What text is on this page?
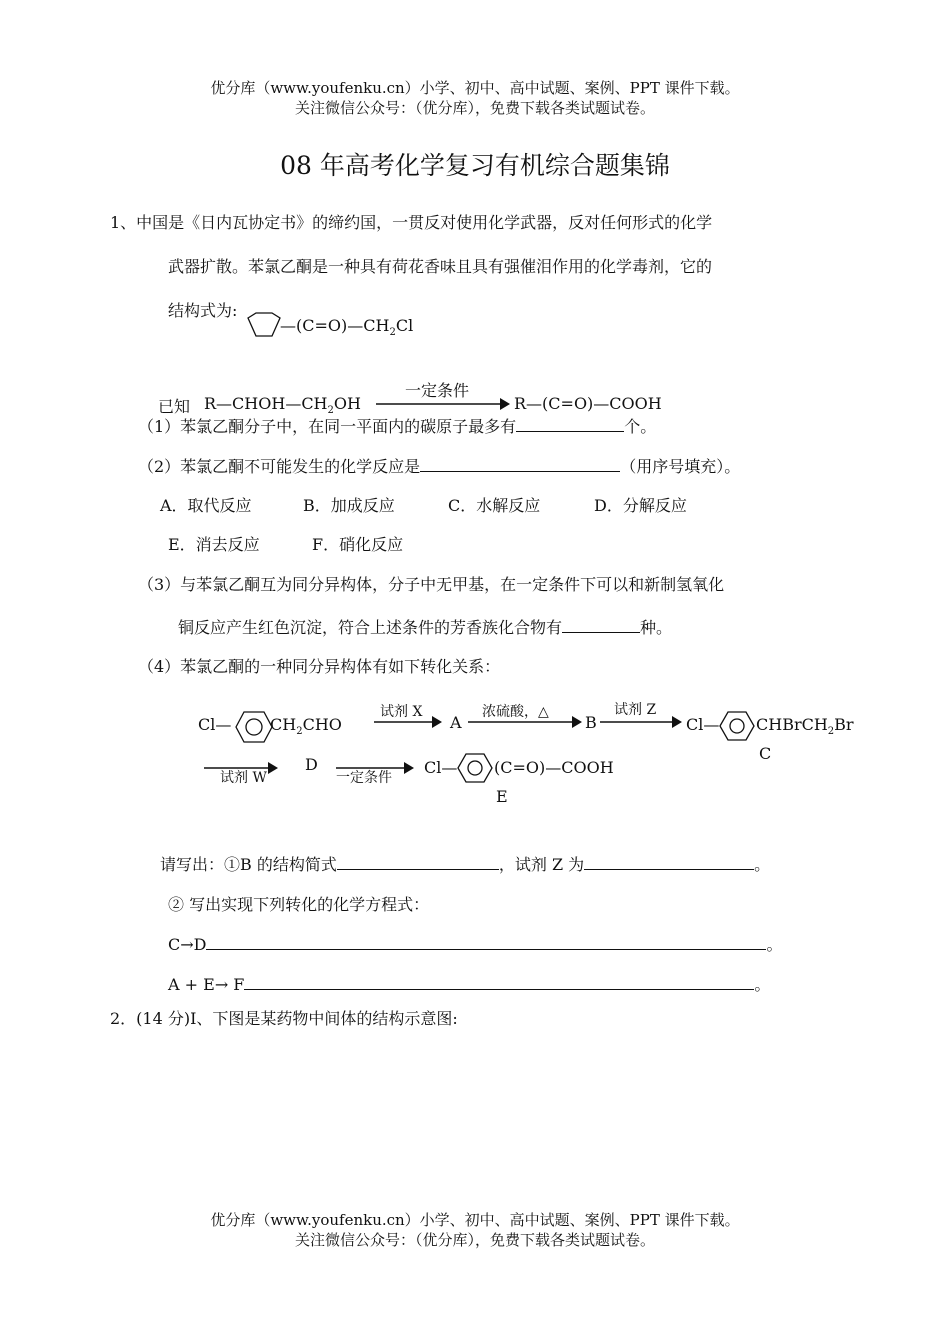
优分库（www.youfenku.cn）小学、初中、高中试题、案例、PPT 课件下载。
关注微信公众号：（优分库），免费下载各类试题试卷。
08 年高考化学复习有机综合题集锦
1、中国是《日内瓦协定书》的缔约国，一贯反对使用化学武器，反对任何形式的化学
武器扩散。苯氯乙酮是一种具有荷花香味且具有强催泪作用的化学毒剂，它的
结构式为:
$—(C=O)—CH_2Cl$
已知 $R—CHOH—CH_2OH$
一定条件
R—(C=O)—COOH
（1）苯氯乙酮分子中，在同一平面内的碳原子最多有	个。
（2）苯氯乙酮不可能发生的化学反应是	（用序号填充）。
A．取代反应	B．加成反应	C．水解反应	D．分解反应
E．消去反应	F．硝化反应
（3）与苯氯乙酮互为同分异构体，分子中无甲基，在一定条件下可以和新制氢氧化
铜反应产生红色沉淀，符合上述条件的芳香族化合物有	种。
（4）苯氯乙酮的一种同分异构体有如下转化关系：
Cl— $CH_2CHO$
试剂 X
A
浓硫酸，△
B
试剂 Z
Cl— CHBrCH$_2$Br
C
试剂 W
D
一定条件
Cl— (C=O)—COOH
E
请写出：①B 的结构简式	，试剂 Z 为	。
② 写出实现下列转化的化学方程式：
C→D	。
A + E→ F	。
2．(14 分)Ⅰ、下图是某药物中间体的结构示意图:
优分库（www.youfenku.cn）小学、初中、高中试题、案例、PPT 课件下载。
关注微信公众号：（优分库），免费下载各类试题试卷。
